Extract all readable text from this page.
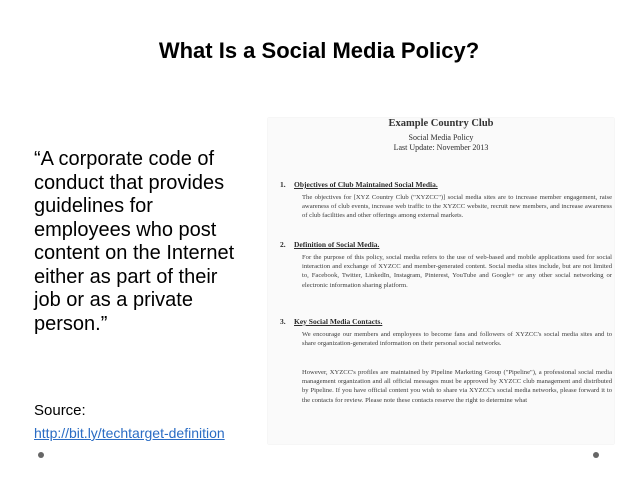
What Is a Social Media Policy?
“A corporate code of conduct that provides guidelines for employees who post content on the Internet either as part of their job or as a private person.”
Source:
http://bit.ly/techtarget-definition
Example Country Club
Social Media Policy
Last Update: November 2013
1. Objectives of Club Maintained Social Media.
The objectives for [XYZ Country Club ("XYZCC")] social media sites are to increase member engagement, raise awareness of club events, increase web traffic to the XYZCC website, recruit new members, and increase awareness of club facilities and other offerings among external markets.
2. Definition of Social Media.
For the purpose of this policy, social media refers to the use of web-based and mobile applications used for social interaction and exchange of XYZCC and member-generated content. Social media sites include, but are not limited to, Facebook, Twitter, LinkedIn, Instagram, Pinterest, YouTube and Google+ or any other social networking or electronic information sharing platform.
3. Key Social Media Contacts.
We encourage our members and employees to become fans and followers of XYZCC's social media sites and to share organization-generated information on their personal social networks.
However, XYZCC's profiles are maintained by Pipeline Marketing Group ("Pipeline"), a professional social media management organization and all official messages must be approved by XYZCC club management and distributed by Pipeline. If you have official content you wish to share via XYZCC's social media networks, please forward it to the contacts for review. Please note these contacts reserve the right to determine what
